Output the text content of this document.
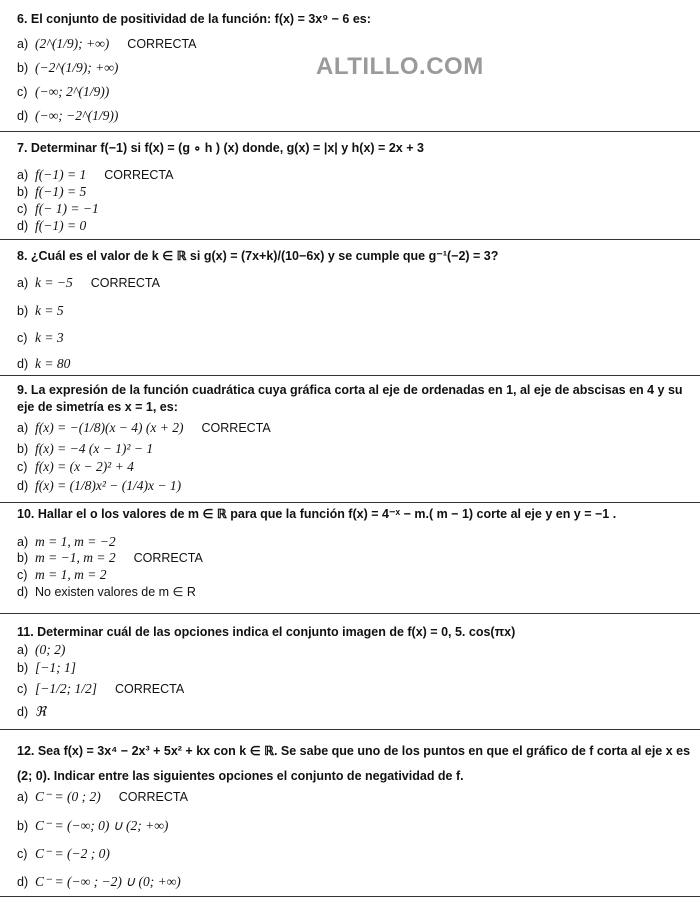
ALTILLO.COM
6. El conjunto de positividad de la función: f(x) = 3x⁹ − 6 es:
a) (2^(1/9); +∞) CORRECTA
b) (−2^(1/9); +∞)
c) (−∞; 2^(1/9))
d) (−∞; −2^(1/9))
7. Determinar f(−1) si f(x) = (g ∘ h ) (x) donde, g(x) = |x| y h(x) = 2x + 3
a) f(−1) = 1 CORRECTA
b) f(−1) = 5
c) f(− 1) = −1
d) f(−1) = 0
8. ¿Cuál es el valor de k ∈ ℝ si g(x) = (7x+k)/(10−6x) y se cumple que g⁻¹(−2) = 3?
a) k = −5 CORRECTA
b) k = 5
c) k = 3
d) k = 80
9. La expresión de la función cuadrática cuya gráfica corta al eje de ordenadas en 1, al eje de abscisas en 4 y su eje de simetría es x = 1, es:
a) f(x) = −(1/8)(x − 4) (x + 2) CORRECTA
b) f(x) = −4 (x − 1)² − 1
c) f(x) = (x − 2)² + 4
d) f(x) = (1/8)x² − (1/4)x − 1)
10. Hallar el o los valores de m ∈ ℝ para que la función f(x) = 4⁻ˣ − m.( m − 1) corte al eje y en y = −1 .
a) m = 1, m = −2
b) m = −1, m = 2 CORRECTA
c) m = 1, m = 2
d) No existen valores de m ∈ R
11. Determinar cuál de las opciones indica el conjunto imagen de f(x) = 0, 5. cos(πx)
a) (0; 2)
b) [−1; 1]
c) [−1/2; 1/2] CORRECTA
d) ℜ
12. Sea f(x) = 3x⁴ − 2x³ + 5x² + kx con k ∈ ℝ. Se sabe que uno de los puntos en que el gráfico de f corta al eje x es (2; 0). Indicar entre las siguientes opciones el conjunto de negatividad de f.
a) C⁻ = (0 ; 2) CORRECTA
b) C⁻ = (−∞; 0) ∪ (2; +∞)
c) C⁻ = (−2 ; 0)
d) C⁻ = (−∞ ; −2) ∪ (0; +∞)
